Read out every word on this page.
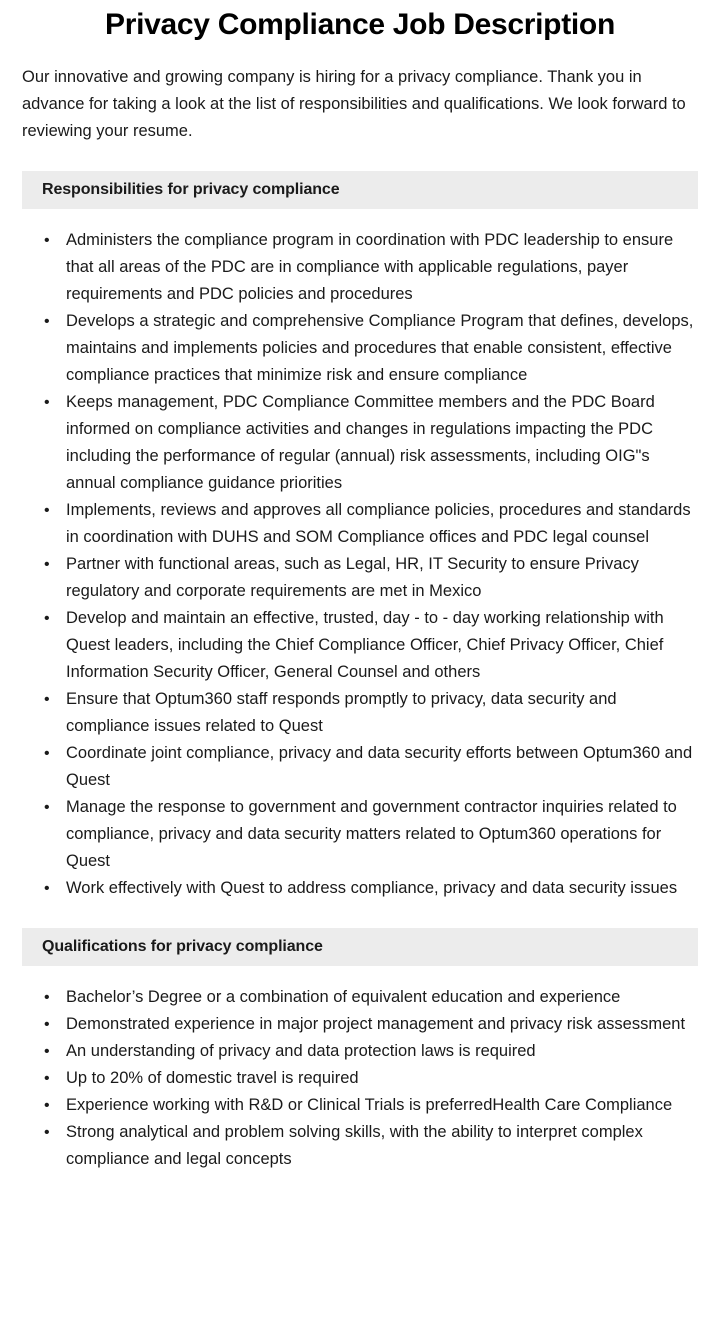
Privacy Compliance Job Description

Our innovative and growing company is hiring for a privacy compliance. Thank you in advance for taking a look at the list of responsibilities and qualifications. We look forward to reviewing your resume.

Responsibilities for privacy compliance
• Administers the compliance program in coordination with PDC leadership to ensure that all areas of the PDC are in compliance with applicable regulations, payer requirements and PDC policies and procedures
• Develops a strategic and comprehensive Compliance Program that defines, develops, maintains and implements policies and procedures that enable consistent, effective compliance practices that minimize risk and ensure compliance
• Keeps management, PDC Compliance Committee members and the PDC Board informed on compliance activities and changes in regulations impacting the PDC including the performance of regular (annual) risk assessments, including OIG"s annual compliance guidance priorities
• Implements, reviews and approves all compliance policies, procedures and standards in coordination with DUHS and SOM Compliance offices and PDC legal counsel
• Partner with functional areas, such as Legal, HR, IT Security to ensure Privacy regulatory and corporate requirements are met in Mexico
• Develop and maintain an effective, trusted, day - to - day working relationship with Quest leaders, including the Chief Compliance Officer, Chief Privacy Officer, Chief Information Security Officer, General Counsel and others
• Ensure that Optum360 staff responds promptly to privacy, data security and compliance issues related to Quest
• Coordinate joint compliance, privacy and data security efforts between Optum360 and Quest
• Manage the response to government and government contractor inquiries related to compliance, privacy and data security matters related to Optum360 operations for Quest
• Work effectively with Quest to address compliance, privacy and data security issues
Qualifications for privacy compliance
• Bachelor’s Degree or a combination of equivalent education and experience
• Demonstrated experience in major project management and privacy risk assessment
• An understanding of privacy and data protection laws is required
• Up to 20% of domestic travel is required
• Experience working with R&D or Clinical Trials is preferredHealth Care Compliance
• Strong analytical and problem solving skills, with the ability to interpret complex compliance and legal concepts
